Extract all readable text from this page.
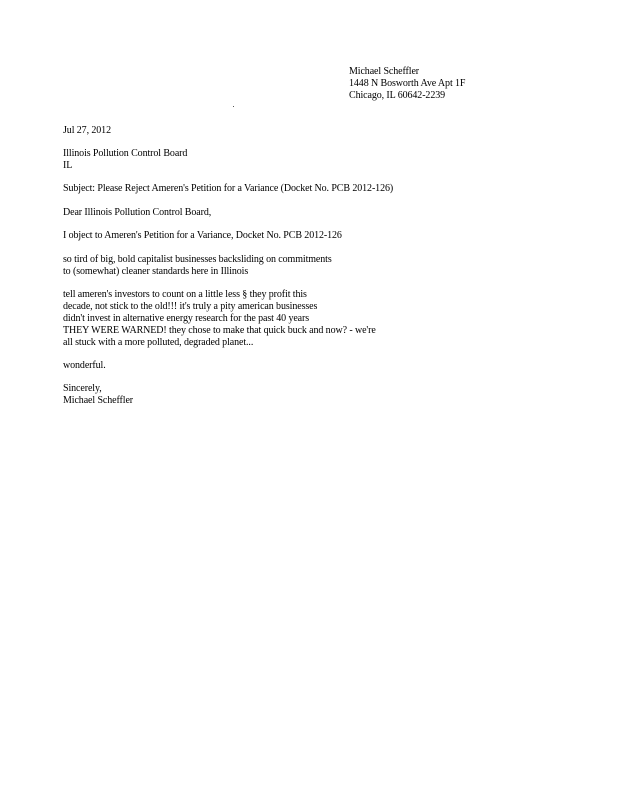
Michael Scheffler
1448 N Bosworth Ave Apt 1F
Chicago, IL 60642-2239
Jul 27, 2012
Illinois Pollution Control Board
IL
Subject: Please Reject Ameren's Petition for a Variance (Docket No. PCB 2012-126)
Dear Illinois Pollution Control Board,
I object to Ameren's Petition for a Variance, Docket No. PCB 2012-126
so tird of big, bold capitalist businesses backsliding on commitments
to (somewhat) cleaner standards here in Illinois
tell ameren's investors to count on a little less § they profit this
decade, not stick to the old!!! it's truly a pity american businesses
didn't invest in alternative energy research for the past 40 years
THEY WERE WARNED! they chose to make that quick buck and now? - we're
all stuck with a more polluted, degraded planet...
wonderful.
Sincerely,
Michael Scheffler
